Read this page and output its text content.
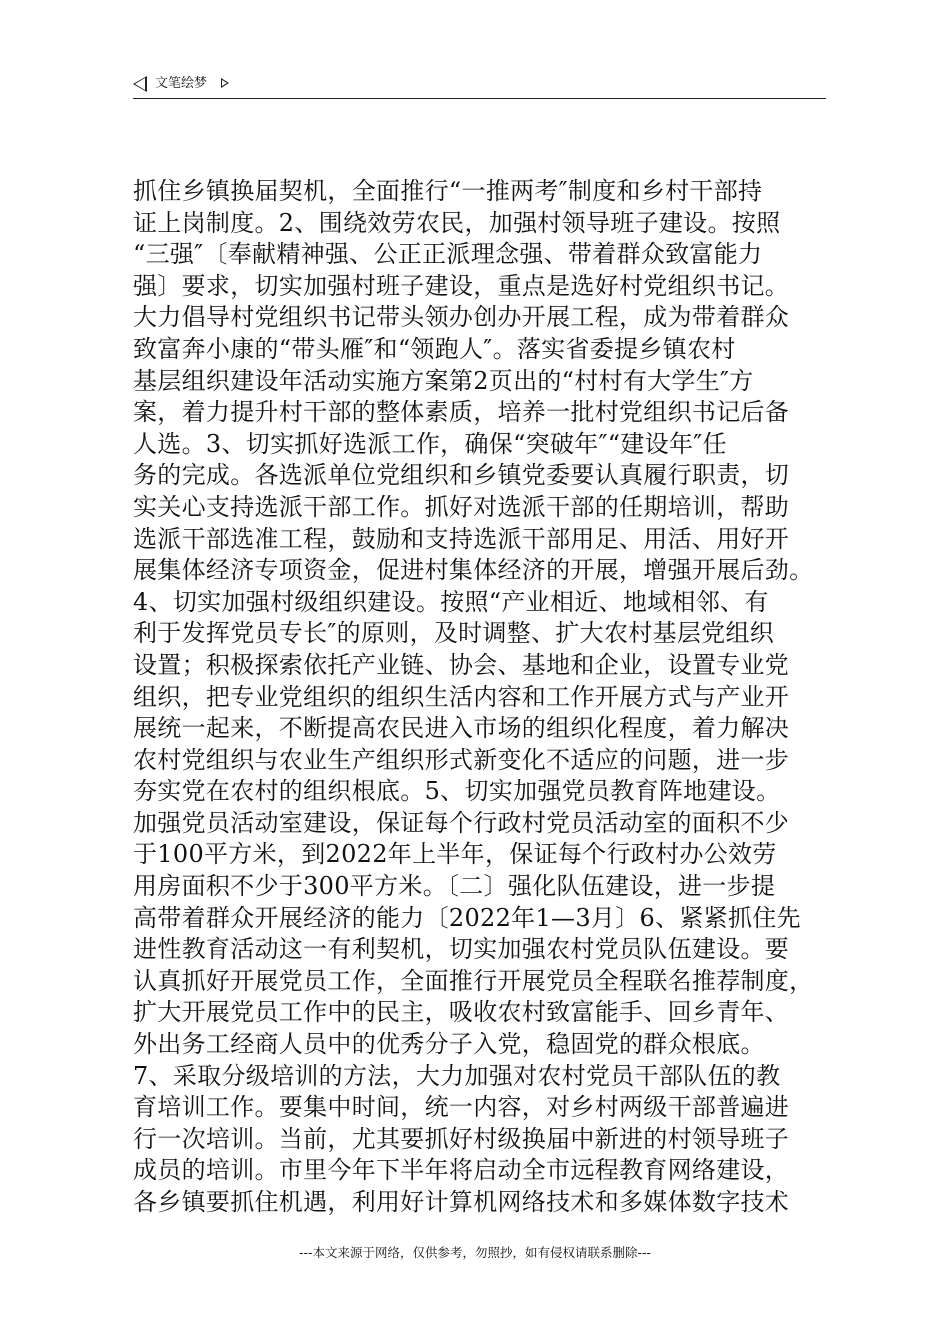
文笔绘梦
抓住乡镇换届契机，全面推行“一推两考″制度和乡村干部持
证上岗制度。2、围绕效劳农民，加强村领导班子建设。按照
“三强″〔奉献精神强、公正正派理念强、带着群众致富能力
强〕要求，切实加强村班子建设，重点是选好村党组织书记。
大力倡导村党组织书记带头领办创办开展工程，成为带着群众
致富奔小康的“带头雁″和“领跑人″。落实省委提乡镇农村
基层组织建设年活动实施方案第2页出的“村村有大学生″方
案，着力提升村干部的整体素质，培养一批村党组织书记后备
人选。3、切实抓好选派工作，确保“突破年″“建设年″任
务的完成。各选派单位党组织和乡镇党委要认真履行职责，切
实关心支持选派干部工作。抓好对选派干部的任期培训，帮助
选派干部选准工程，鼓励和支持选派干部用足、用活、用好开
展集体经济专项资金，促进村集体经济的开展，增强开展后劲。
4、切实加强村级组织建设。按照“产业相近、地域相邻、有
利于发挥党员专长″的原则，及时调整、扩大农村基层党组织
设置；积极探索依托产业链、协会、基地和企业，设置专业党
组织，把专业党组织的组织生活内容和工作开展方式与产业开
展统一起来，不断提高农民进入市场的组织化程度，着力解决
农村党组织与农业生产组织形式新变化不适应的问题，进一步
夯实党在农村的组织根底。5、切实加强党员教育阵地建设。
加强党员活动室建设，保证每个行政村党员活动室的面积不少
于100平方米，到2022年上半年，保证每个行政村办公效劳
用房面积不少于300平方米。〔二〕强化队伍建设，进一步提
高带着群众开展经济的能力〔2022年1—3月〕6、紧紧抓住先
进性教育活动这一有利契机，切实加强农村党员队伍建设。要
认真抓好开展党员工作，全面推行开展党员全程联名推荐制度，
扩大开展党员工作中的民主，吸收农村致富能手、回乡青年、
外出务工经商人员中的优秀分子入党，稳固党的群众根底。
7、采取分级培训的方法，大力加强对农村党员干部队伍的教
育培训工作。要集中时间，统一内容，对乡村两级干部普遍进
行一次培训。当前，尤其要抓好村级换届中新进的村领导班子
成员的培训。市里今年下半年将启动全市远程教育网络建设，
各乡镇要抓住机遇，利用好计算机网络技术和多媒体数字技术
---本文来源于网络，仅供参考，勿照抄，如有侵权请联系删除---
